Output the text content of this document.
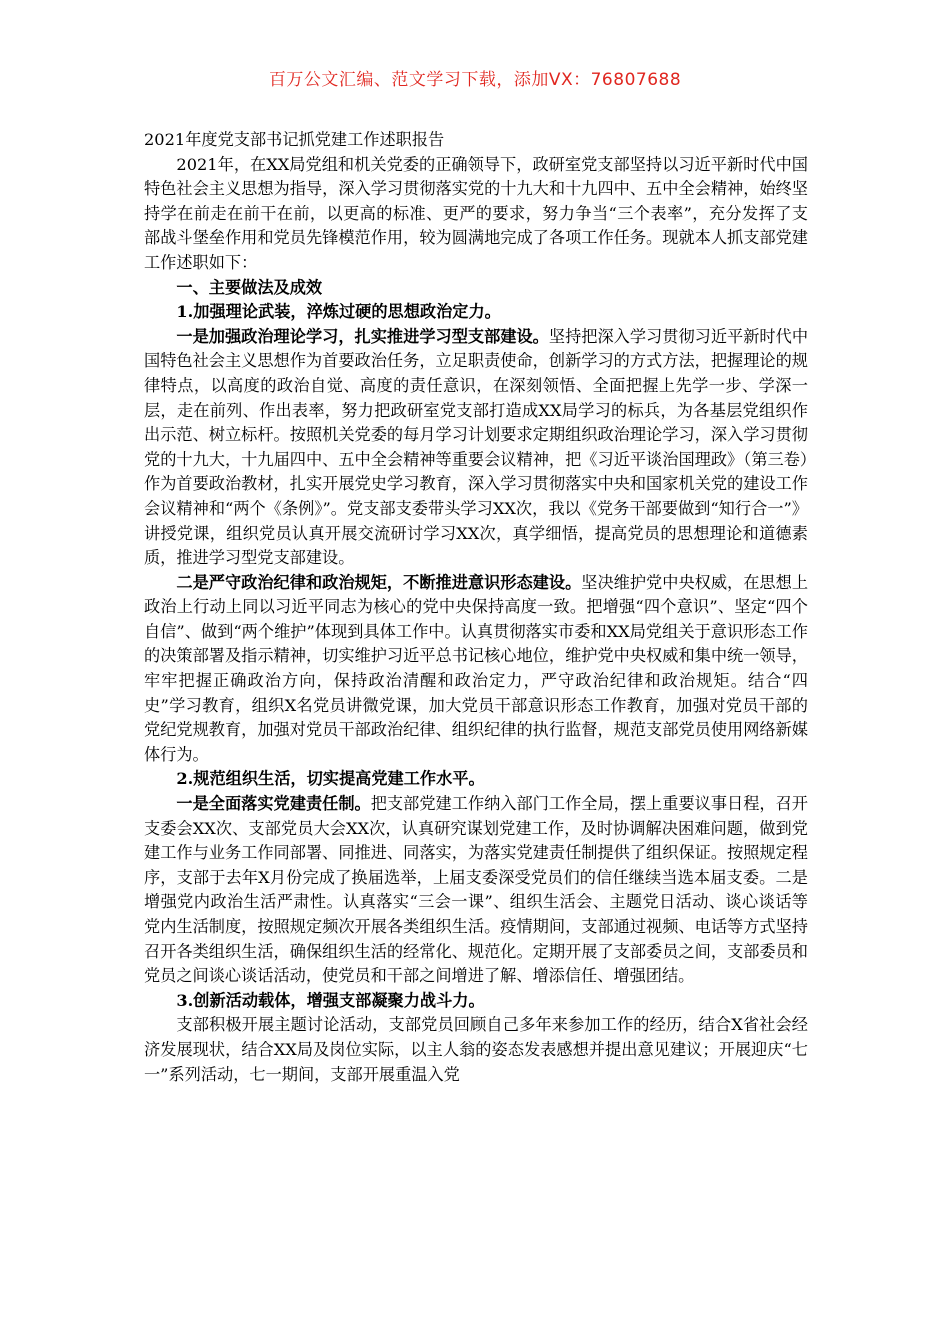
百万公文汇编、范文学习下载，添加VX：76807688

2021年度党支部书记抓党建工作述职报告

2021年，在XX局党组和机关党委的正确领导下，政研室党支部坚持以习近平新时代中国特色社会主义思想为指导，深入学习贯彻落实党的十九大和十九四中、五中全会精神，始终坚持学在前走在前干在前，以更高的标准、更严的要求，努力争当“三个表率”，充分发挥了支部战斗堡垒作用和党员先锋模范作用，较为圆满地完成了各项工作任务。现就本人抓支部党建工作述职如下：

一、主要做法及成效

1.加强理论武装，淬炼过硬的思想政治定力。

一是加强政治理论学习，扎实推进学习型支部建设。坚持把深入学习贯彻习近平新时代中国特色社会主义思想作为首要政治任务，立足职责使命，创新学习的方式方法，把握理论的规律特点，以高度的政治自觉、高度的责任意识，在深刻领悟、全面把握上先学一步、学深一层，走在前列、作出表率，努力把政研室党支部打造成XX局学习的标兵，为各基层党组织作出示范、树立标杆。按照机关党委的每月学习计划要求定期组织政治理论学习，深入学习贯彻党的十九大，十九届四中、五中全会精神等重要会议精神，把《习近平谈治国理政》（第三卷）作为首要政治教材，扎实开展党史学习教育，深入学习贯彻落实中央和国家机关党的建设工作会议精神和“两个《条例》”。党支部支委带头学习XX次，我以《党务干部要做到“知行合一”》讲授党课，组织党员认真开展交流研讨学习XX次，真学细悟，提高党员的思想理论和道德素质，推进学习型党支部建设。

二是严守政治纪律和政治规矩，不断推进意识形态建设。坚决维护党中央权威，在思想上政治上行动上同以习近平同志为核心的党中央保持高度一致。把增强“四个意识”、坚定“四个自信”、做到“两个维护”体现到具体工作中。认真贯彻落实市委和XX局党组关于意识形态工作的决策部署及指示精神，切实维护习近平总书记核心地位，维护党中央权威和集中统一领导，牢牢把握正确政治方向，保持政治清醒和政治定力，严守政治纪律和政治规矩。结合“四史”学习教育，组织X名党员讲微党课，加大党员干部意识形态工作教育，加强对党员干部的党纪党规教育，加强对党员干部政治纪律、组织纪律的执行监督，规范支部党员使用网络新媒体行为。

2.规范组织生活，切实提高党建工作水平。

一是全面落实党建责任制。把支部党建工作纳入部门工作全局，摆上重要议事日程，召开支委会XX次、支部党员大会XX次，认真研究谋划党建工作，及时协调解决困难问题，做到党建工作与业务工作同部署、同推进、同落实，为落实党建责任制提供了组织保证。按照规定程序，支部于去年X月份完成了换届选举，上届支委深受党员们的信任继续当选本届支委。二是增强党内政治生活严肃性。认真落实“三会一课”、组织生活会、主题党日活动、谈心谈话等党内生活制度，按照规定频次开展各类组织生活。疫情期间，支部通过视频、电话等方式坚持召开各类组织生活，确保组织生活的经常化、规范化。定期开展了支部委员之间，支部委员和党员之间谈心谈话活动，使党员和干部之间增进了解、增添信任、增强团结。

3.创新活动载体，增强支部凝聚力战斗力。

支部积极开展主题讨论活动，支部党员回顾自己多年来参加工作的经历，结合X省社会经济发展现状，结合XX局及岗位实际，以主人翁的姿态发表感想并提出意见建议；开展迎庆“七一”系列活动，七一期间，支部开展重温入党
